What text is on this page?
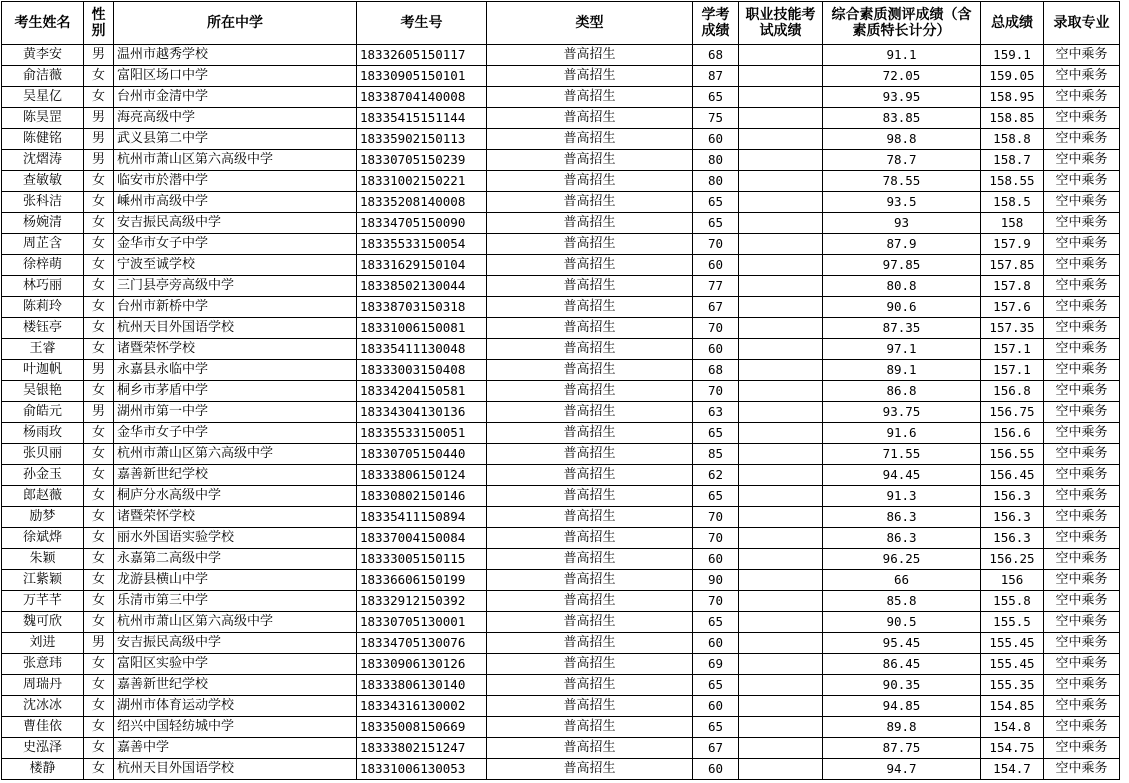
考生姓名	性别	所在中学	考生号	类型	学考成绩	职业技能考试成绩	综合素质测评成绩（含素质特长计分）	总成绩	录取专业
黄李安	男	温州市越秀学校	18332605150117	普高招生	68		91.1	159.1	空中乘务
俞洁薇	女	富阳区场口中学	18330905150101	普高招生	87		72.05	159.05	空中乘务
吴星亿	女	台州市金清中学	18338704140008	普高招生	65		93.95	158.95	空中乘务
陈昊罡	男	海亮高级中学	18335415151144	普高招生	75		83.85	158.85	空中乘务
陈健铭	男	武义县第二中学	18335902150113	普高招生	60		98.8	158.8	空中乘务
沈熠涛	男	杭州市萧山区第六高级中学	18330705150239	普高招生	80		78.7	158.7	空中乘务
查敏敏	女	临安市於潜中学	18331002150221	普高招生	80		78.55	158.55	空中乘务
张科洁	女	嵊州市高级中学	18335208140008	普高招生	65		93.5	158.5	空中乘务
杨婉清	女	安吉振民高级中学	18334705150090	普高招生	65		93	158	空中乘务
周芷含	女	金华市女子中学	18335533150054	普高招生	70		87.9	157.9	空中乘务
徐梓萌	女	宁波至诚学校	18331629150104	普高招生	60		97.85	157.85	空中乘务
林巧丽	女	三门县亭旁高级中学	18338502130044	普高招生	77		80.8	157.8	空中乘务
陈莉玲	女	台州市新桥中学	18338703150318	普高招生	67		90.6	157.6	空中乘务
楼钰亭	女	杭州天目外国语学校	18331006150081	普高招生	70		87.35	157.35	空中乘务
王睿	女	诸暨荣怀学校	18335411130048	普高招生	60		97.1	157.1	空中乘务
叶迦帆	男	永嘉县永临中学	18333003150408	普高招生	68		89.1	157.1	空中乘务
吴银艳	女	桐乡市茅盾中学	18334204150581	普高招生	70		86.8	156.8	空中乘务
俞皓元	男	湖州市第一中学	18334304130136	普高招生	63		93.75	156.75	空中乘务
杨雨玫	女	金华市女子中学	18335533150051	普高招生	65		91.6	156.6	空中乘务
张贝丽	女	杭州市萧山区第六高级中学	18330705150440	普高招生	85		71.55	156.55	空中乘务
孙金玉	女	嘉善新世纪学校	18333806150124	普高招生	62		94.45	156.45	空中乘务
郎赵薇	女	桐庐分水高级中学	18330802150146	普高招生	65		91.3	156.3	空中乘务
励梦	女	诸暨荣怀学校	18335411150894	普高招生	70		86.3	156.3	空中乘务
徐斌烨	女	丽水外国语实验学校	18337004150084	普高招生	70		86.3	156.3	空中乘务
朱颖	女	永嘉第二高级中学	18333005150115	普高招生	60		96.25	156.25	空中乘务
江紫颖	女	龙游县横山中学	18336606150199	普高招生	90		66	156	空中乘务
万芊芊	女	乐清市第三中学	18332912150392	普高招生	70		85.8	155.8	空中乘务
魏可欣	女	杭州市萧山区第六高级中学	18330705130001	普高招生	65		90.5	155.5	空中乘务
刘进	男	安吉振民高级中学	18334705130076	普高招生	60		95.45	155.45	空中乘务
张意玮	女	富阳区实验中学	18330906130126	普高招生	69		86.45	155.45	空中乘务
周瑞丹	女	嘉善新世纪学校	18333806130140	普高招生	65		90.35	155.35	空中乘务
沈冰冰	女	湖州市体育运动学校	18334316130002	普高招生	60		94.85	154.85	空中乘务
曹佳依	女	绍兴中国轻纺城中学	18335008150669	普高招生	65		89.8	154.8	空中乘务
史泓泽	女	嘉善中学	18333802151247	普高招生	67		87.75	154.75	空中乘务
楼静	女	杭州天目外国语学校	18331006130053	普高招生	60		94.7	154.7	空中乘务
